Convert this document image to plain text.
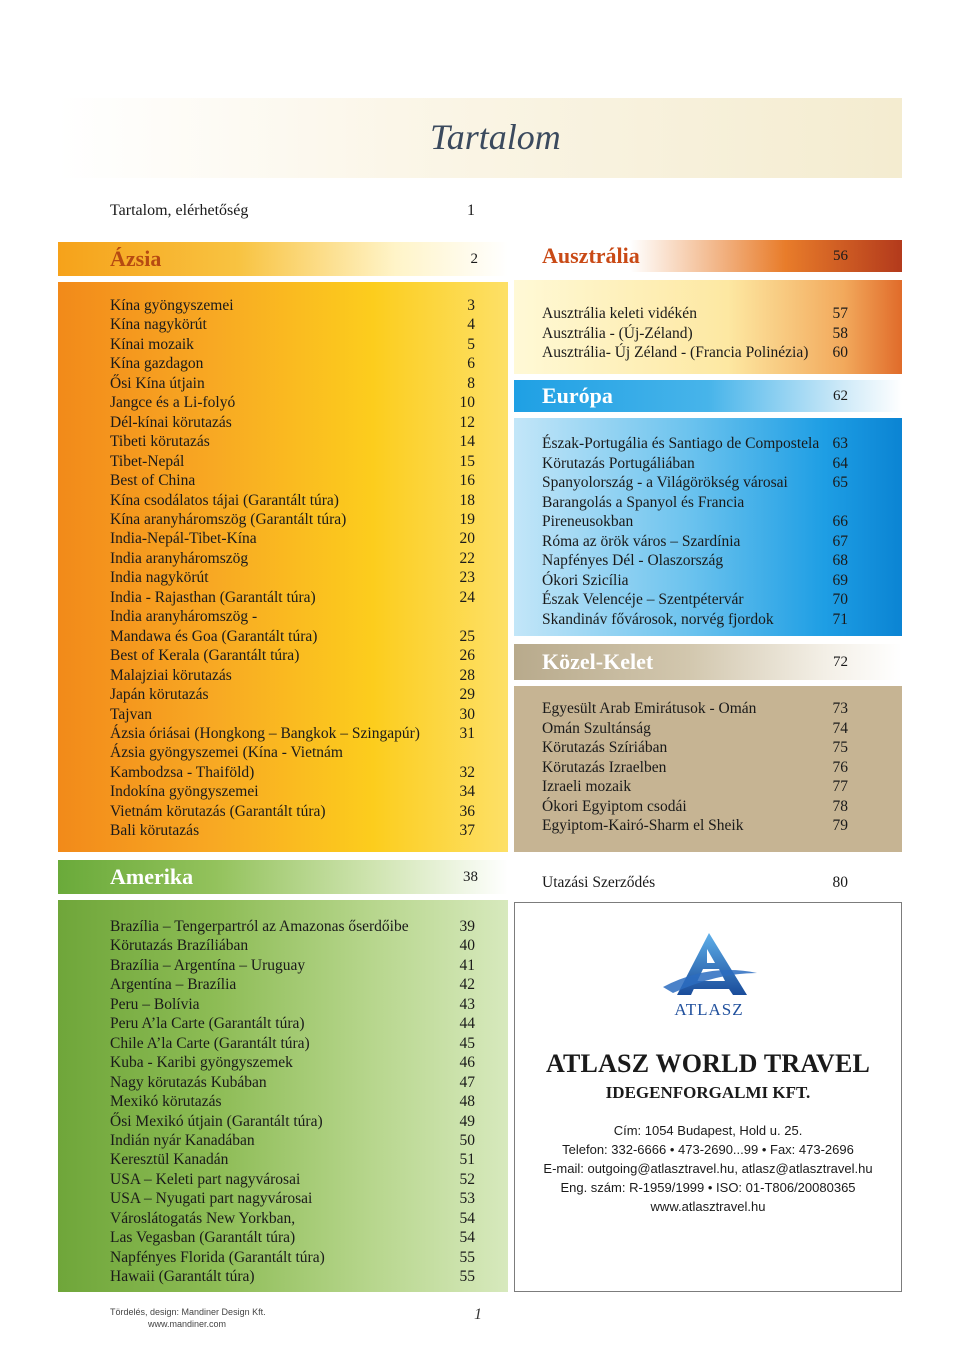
Tartalom
Tartalom, elérhetőség	1
Ázsia	2
Kína gyöngyszemei	3
Kína nagykörút	4
Kínai mozaik	5
Kína gazdagon	6
Ősi Kína útjain	8
Jangce és a Li-folyó	10
Dél-kínai körutazás	12
Tibeti körutazás	14
Tibet-Nepál	15
Best of China	16
Kína csodálatos tájai (Garantált túra)	18
Kína aranyháromszög (Garantált túra)	19
India-Nepál-Tibet-Kína	20
India aranyháromszög	22
India nagykörút	23
India - Rajasthan (Garantált túra)	24
India aranyháromszög -
Mandawa és Goa (Garantált túra)	25
Best of Kerala (Garantált túra)	26
Malajziai körutazás	28
Japán körutazás	29
Tajvan	30
Ázsia óriásai (Hongkong – Bangkok – Szingapúr)	31
Ázsia gyöngyszemei (Kína - Vietnám
Kambodzsa - Thaiföld)	32
Indokína gyöngyszemei	34
Vietnám körutazás (Garantált túra)	36
Bali körutazás	37
Ausztrália	56
Ausztrália keleti vidékén	57
Ausztrália - (Új-Zéland)	58
Ausztrália- Új Zéland - (Francia Polinézia)	60
Európa	62
Észak-Portugália és Santiago de Compostela 63
Körutazás Portugáliában	64
Spanyolország - a Világörökség városai	65
Barangolás a Spanyol és Francia
Pireneusokban	66
Róma az örök város – Szardínia	67
Napfényes Dél - Olaszország	68
Ókori Szicília	69
Észak Velencéje – Szentpétervár	70
Skandináv fővárosok, norvég fjordok	71
Közel-Kelet	72
Egyesült Arab Emirátusok - Omán	73
Omán Szultánság	74
Körutazás Szíriában	75
Körutazás Izraelben	76
Izraeli mozaik	77
Ókori Egyiptom csodái	78
Egyiptom-Kairó-Sharm el Sheik	79
Amerika	38
Brazília – Tengerpartról az Amazonas őserdőibe	39
Körutazás Brazíliában	40
Brazília – Argentína – Uruguay	41
Argentína – Brazília	42
Peru – Bolívia	43
Peru A’la Carte (Garantált túra)	44
Chile A’la Carte (Garantált túra)	45
Kuba - Karibi gyöngyszemek	46
Nagy körutazás Kubában	47
Mexikó körutazás	48
Ősi Mexikó útjain (Garantált túra)	49
Indián nyár Kanadában	50
Keresztül Kanadán	51
USA – Keleti part nagyvárosai	52
USA – Nyugati part nagyvárosai	53
Városlátogatás New Yorkban,	54
Las Vegasban (Garantált túra)	54
Napfényes Florida (Garantált túra)	55
Hawaii (Garantált túra)	55
Utazási Szerződés	80
ATLASZ
ATLASZ WORLD TRAVEL
IDEGENFORGALMI KFT.
Cím: 1054 Budapest, Hold u. 25.
Telefon: 332-6666 • 473-2690...99 • Fax: 473-2696
E-mail: outgoing@atlasztravel.hu, atlasz@atlasztravel.hu
Eng. szám: R-1959/1999 • ISO: 01-T806/20080365
www.atlasztravel.hu
Tördelés, design: Mandiner Design Kft.
www.mandiner.com
1
